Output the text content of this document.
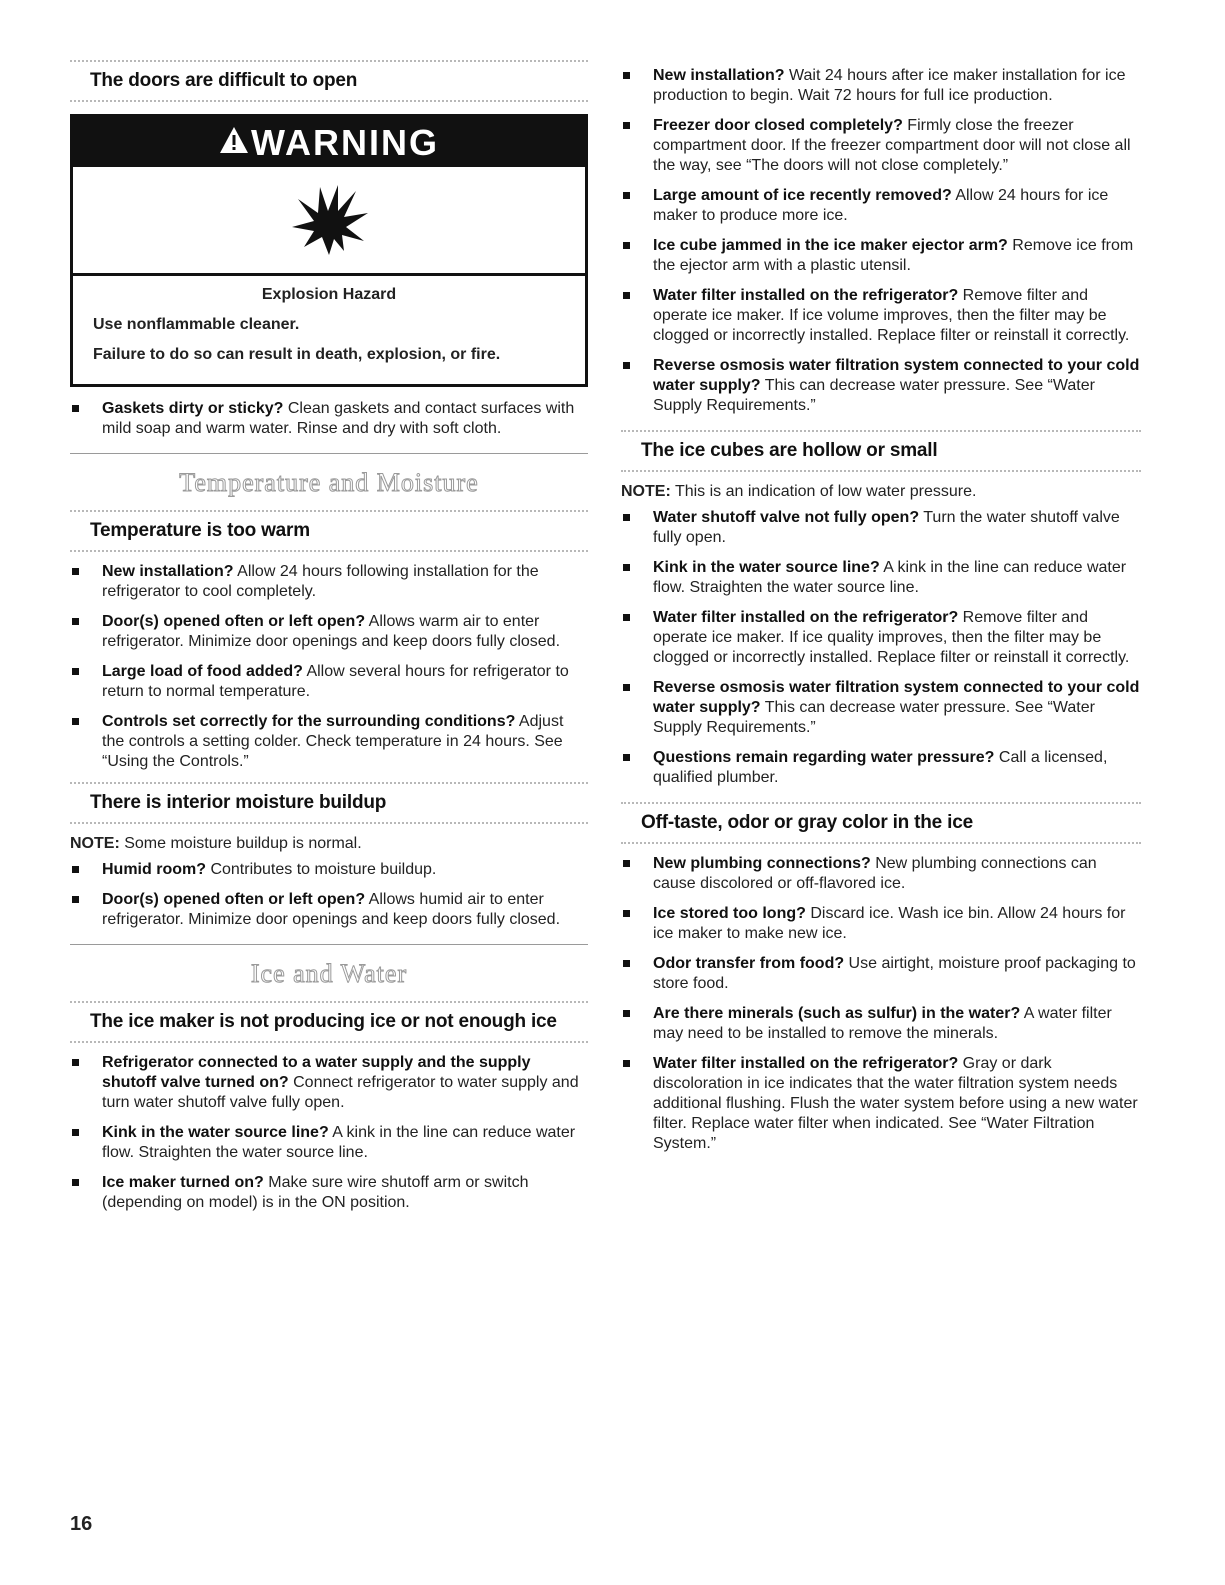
The doors are difficult to open
WARNING
Explosion Hazard

Use nonflammable cleaner.

Failure to do so can result in death, explosion, or fire.

Gaskets dirty or sticky? Clean gaskets and contact surfaces with mild soap and warm water. Rinse and dry with soft cloth.
Temperature and Moisture
Temperature is too warm
New installation? Allow 24 hours following installation for the refrigerator to cool completely.
Door(s) opened often or left open? Allows warm air to enter refrigerator. Minimize door openings and keep doors fully closed.
Large load of food added? Allow several hours for refrigerator to return to normal temperature.
Controls set correctly for the surrounding conditions? Adjust the controls a setting colder. Check temperature in 24 hours. See “Using the Controls.”
There is interior moisture buildup
NOTE: Some moisture buildup is normal.
Humid room? Contributes to moisture buildup.
Door(s) opened often or left open? Allows humid air to enter refrigerator. Minimize door openings and keep doors fully closed.
Ice and Water
The ice maker is not producing ice or not enough ice
Refrigerator connected to a water supply and the supply shutoff valve turned on? Connect refrigerator to water supply and turn water shutoff valve fully open.
Kink in the water source line? A kink in the line can reduce water flow. Straighten the water source line.
Ice maker turned on? Make sure wire shutoff arm or switch (depending on model) is in the ON position.
New installation? Wait 24 hours after ice maker installation for ice production to begin. Wait 72 hours for full ice production.
Freezer door closed completely? Firmly close the freezer compartment door. If the freezer compartment door will not close all the way, see “The doors will not close completely.”
Large amount of ice recently removed? Allow 24 hours for ice maker to produce more ice.
Ice cube jammed in the ice maker ejector arm? Remove ice from the ejector arm with a plastic utensil.
Water filter installed on the refrigerator? Remove filter and operate ice maker. If ice volume improves, then the filter may be clogged or incorrectly installed. Replace filter or reinstall it correctly.
Reverse osmosis water filtration system connected to your cold water supply? This can decrease water pressure. See “Water Supply Requirements.”
The ice cubes are hollow or small
NOTE: This is an indication of low water pressure.
Water shutoff valve not fully open? Turn the water shutoff valve fully open.
Kink in the water source line? A kink in the line can reduce water flow. Straighten the water source line.
Water filter installed on the refrigerator? Remove filter and operate ice maker. If ice quality improves, then the filter may be clogged or incorrectly installed. Replace filter or reinstall it correctly.
Reverse osmosis water filtration system connected to your cold water supply? This can decrease water pressure. See “Water Supply Requirements.”
Questions remain regarding water pressure? Call a licensed, qualified plumber.
Off-taste, odor or gray color in the ice
New plumbing connections? New plumbing connections can cause discolored or off-flavored ice.
Ice stored too long? Discard ice. Wash ice bin. Allow 24 hours for ice maker to make new ice.
Odor transfer from food? Use airtight, moisture proof packaging to store food.
Are there minerals (such as sulfur) in the water? A water filter may need to be installed to remove the minerals.
Water filter installed on the refrigerator? Gray or dark discoloration in ice indicates that the water filtration system needs additional flushing. Flush the water system before using a new water filter. Replace water filter when indicated. See “Water Filtration System.”
16
